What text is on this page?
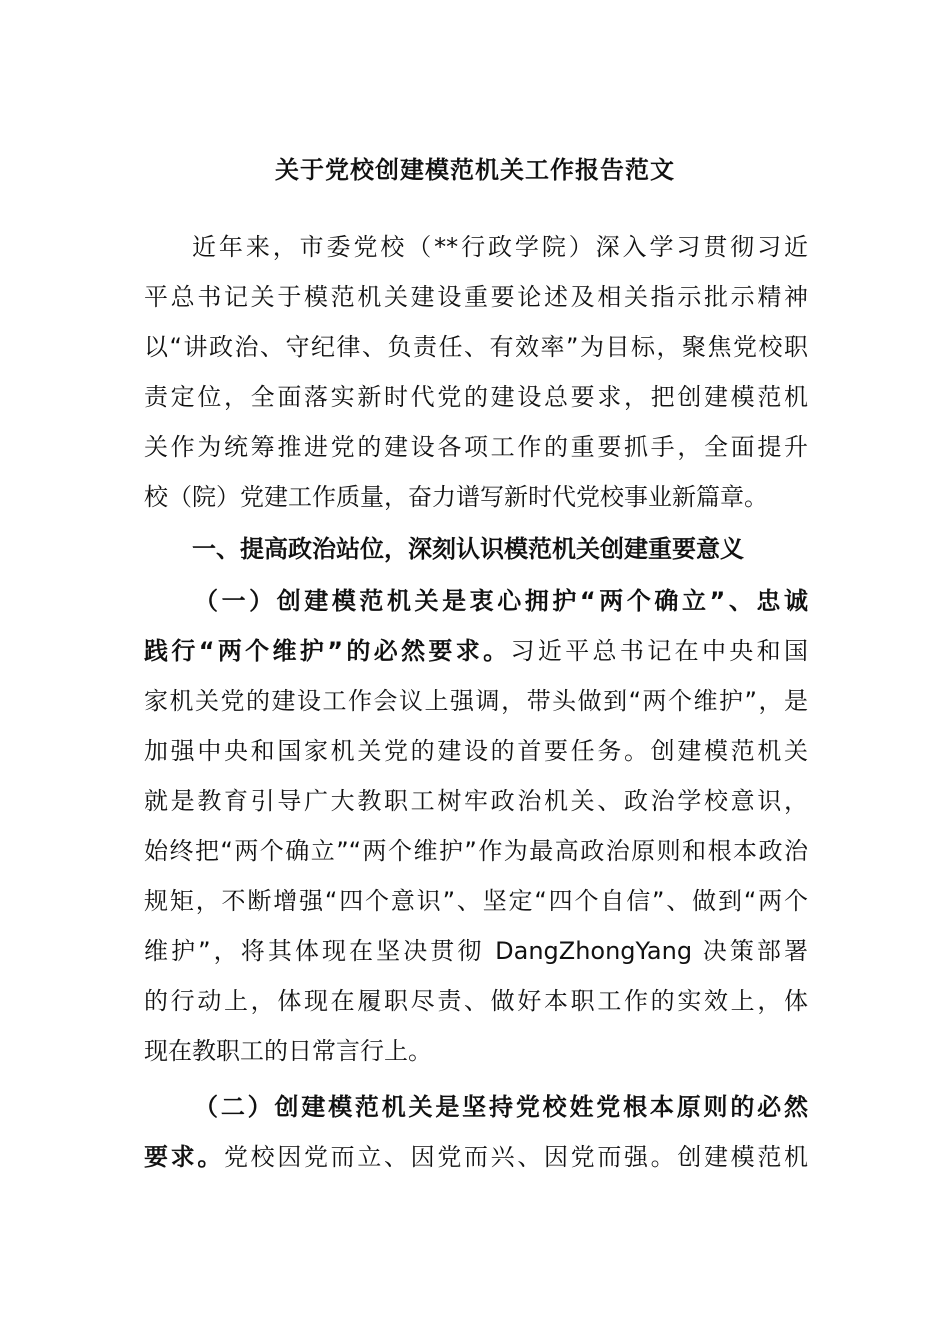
关于党校创建模范机关工作报告范文
近年来，市委党校（**行政学院）深入学习贯彻习近
平总书记关于模范机关建设重要论述及相关指示批示精神
以“讲政治、守纪律、负责任、有效率”为目标，聚焦党校职
责定位，全面落实新时代党的建设总要求，把创建模范机
关作为统筹推进党的建设各项工作的重要抓手，全面提升
校（院）党建工作质量，奋力谱写新时代党校事业新篇章。
一、提高政治站位，深刻认识模范机关创建重要意义
（一）创建模范机关是衷心拥护“两个确立”、忠诚
践行“两个维护”的必然要求。习近平总书记在中央和国
家机关党的建设工作会议上强调，带头做到“两个维护”，是
加强中央和国家机关党的建设的首要任务。创建模范机关
就是教育引导广大教职工树牢政治机关、政治学校意识，
始终把“两个确立”“两个维护”作为最高政治原则和根本政治
规矩，不断增强“四个意识”、坚定“四个自信”、做到“两个
维护”，将其体现在坚决贯彻 DangZhongYang 决策部署
的行动上，体现在履职尽责、做好本职工作的实效上，体
现在教职工的日常言行上。
（二）创建模范机关是坚持党校姓党根本原则的必然
要求。党校因党而立、因党而兴、因党而强。创建模范机
